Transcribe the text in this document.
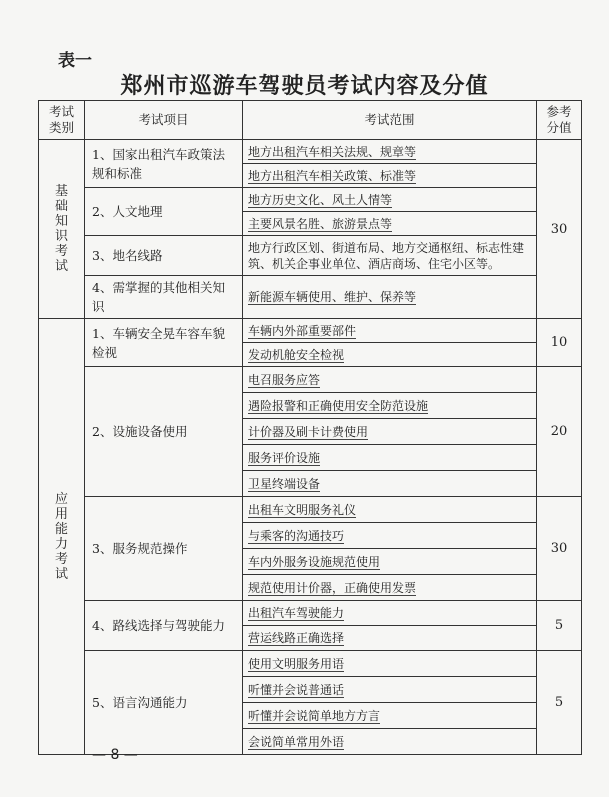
表一
郑州市巡游车驾驶员考试内容及分值
考试
类别	考试项目	考试范围	参考
分值
基础知识考试	1、国家出租汽车政策法规和标准	地方出租汽车相关法规、规章等	30
		地方出租汽车相关政策、标准等	
	2、人文地理	地方历史文化、风土人情等	
		主要风景名胜、旅游景点等	
	3、地名线路	地方行政区划、街道布局、地方交通枢纽、标志性建筑、机关企事业单位、酒店商场、住宅小区等。	
	4、需掌握的其他相关知识	新能源车辆使用、维护、保养等	
应用能力考试	1、车辆安全晃车容车貌检视	车辆内外部重要部件	10
		发动机舱安全检视	
	2、设施设备使用	电召服务应答	20
		遇险报警和正确使用安全防范设施	
		计价器及刷卡计费使用	
		服务评价设施	
		卫星终端设备	
	3、服务规范操作	出租车文明服务礼仪	30
		与乘客的沟通技巧	
		车内外服务设施规范使用	
		规范使用计价器，正确使用发票	
	4、路线选择与驾驶能力	出租汽车驾驶能力	5
		营运线路正确选择	
	5、语言沟通能力	使用文明服务用语	5
		听懂并会说普通话	
		听懂并会说简单地方方言	
		会说简单常用外语	
— 8 —
